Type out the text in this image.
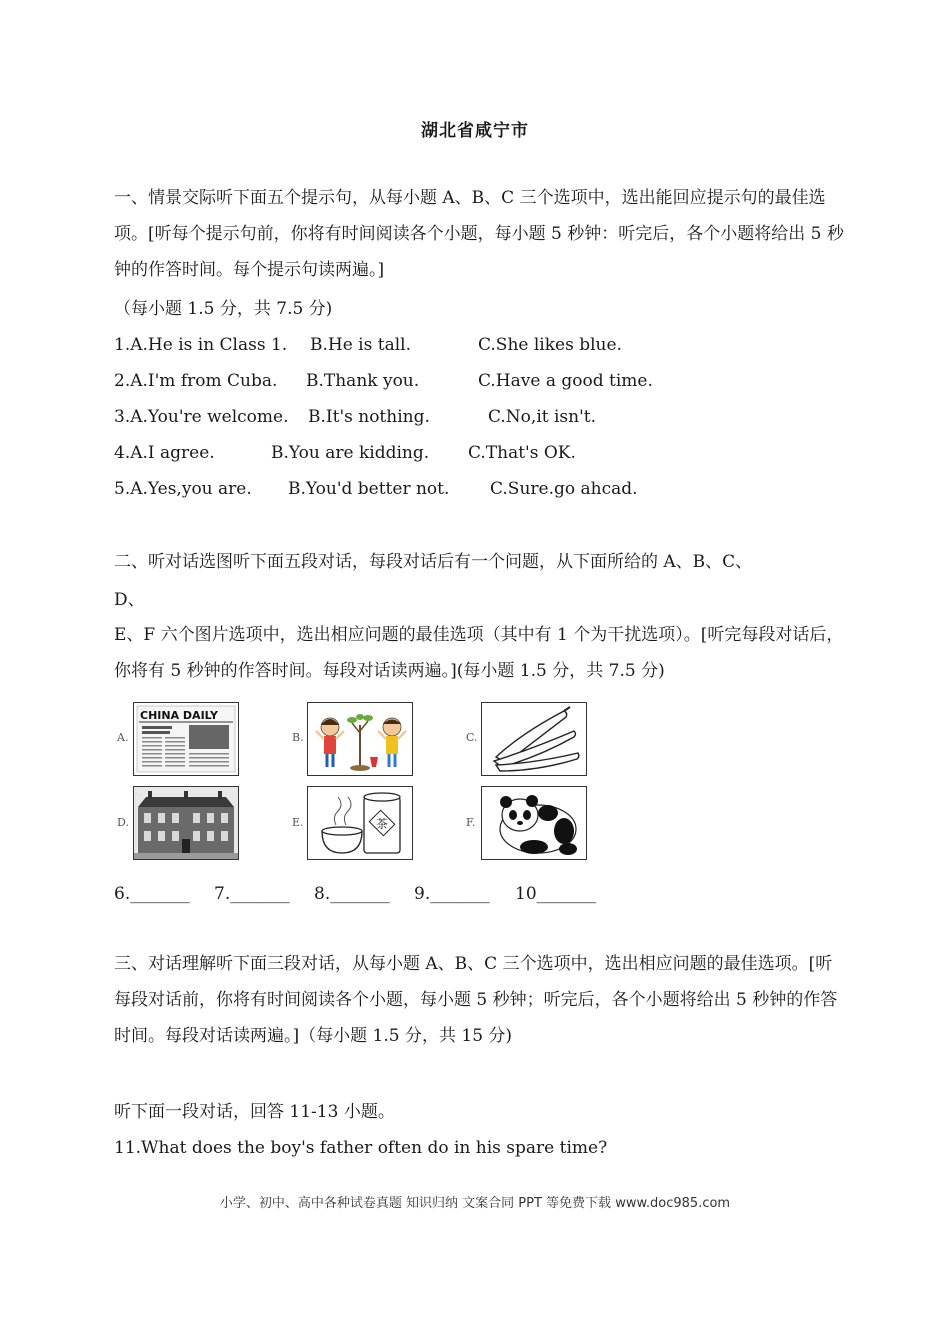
湖北省咸宁市

一、情景交际听下面五个提示句，从每小题 A、B、C 三个选项中，选出能回应提示句的最佳选项。[听每个提示句前，你将有时间阅读各个小题，每小题 5 秒钟：听完后，各个小题将给出 5 秒钟的作答时间。每个提示句读两遍。]

（每小题 1.5 分，共 7.5 分)
1.A.He is in Class 1. B.He is tall.	C.She likes blue.
2.A.I'm from Cuba. B.Thank you.	C.Have a good time.
3.A.You're welcome. B.It's nothing.	C.No,it isn't.
4.A.I agree.	B.You are kidding. C.That's OK.
5.A.Yes,you are. B.You'd better not. C.Sure.go ahcad.
二、听对话选图听下面五段对话，每段对话后有一个问题，从下面所给的 A、B、C、
D、

E、F 六个图片选项中，选出相应问题的最佳选项（其中有 1 个为干扰选项）。[听完每段对话后，你将有 5 秒钟的作答时间。每段对话读两遍。](每小题 1.5 分，共 7.5 分)

A.
CHINA DAILY
B.	C.
D.	E.	茶	F.
6._______ 7._______ 8._______ 9._______ 10_______

三、对话理解听下面三段对话，从每小题 A、B、C 三个选项中，选出相应问题的最佳选项。[听每段对话前，你将有时间阅读各个小题，每小题 5 秒钟；听完后，各个小题将给出 5 秒钟的作答时间。每段对话读两遍。]（每小题 1.5 分，共 15 分)

听下面一段对话，回答 11-13 小题。
11.What does the boy's father often do in his spare time?
小学、初中、高中各种试卷真题 知识归纳 文案合同 PPT 等免费下载 www.doc985.com
